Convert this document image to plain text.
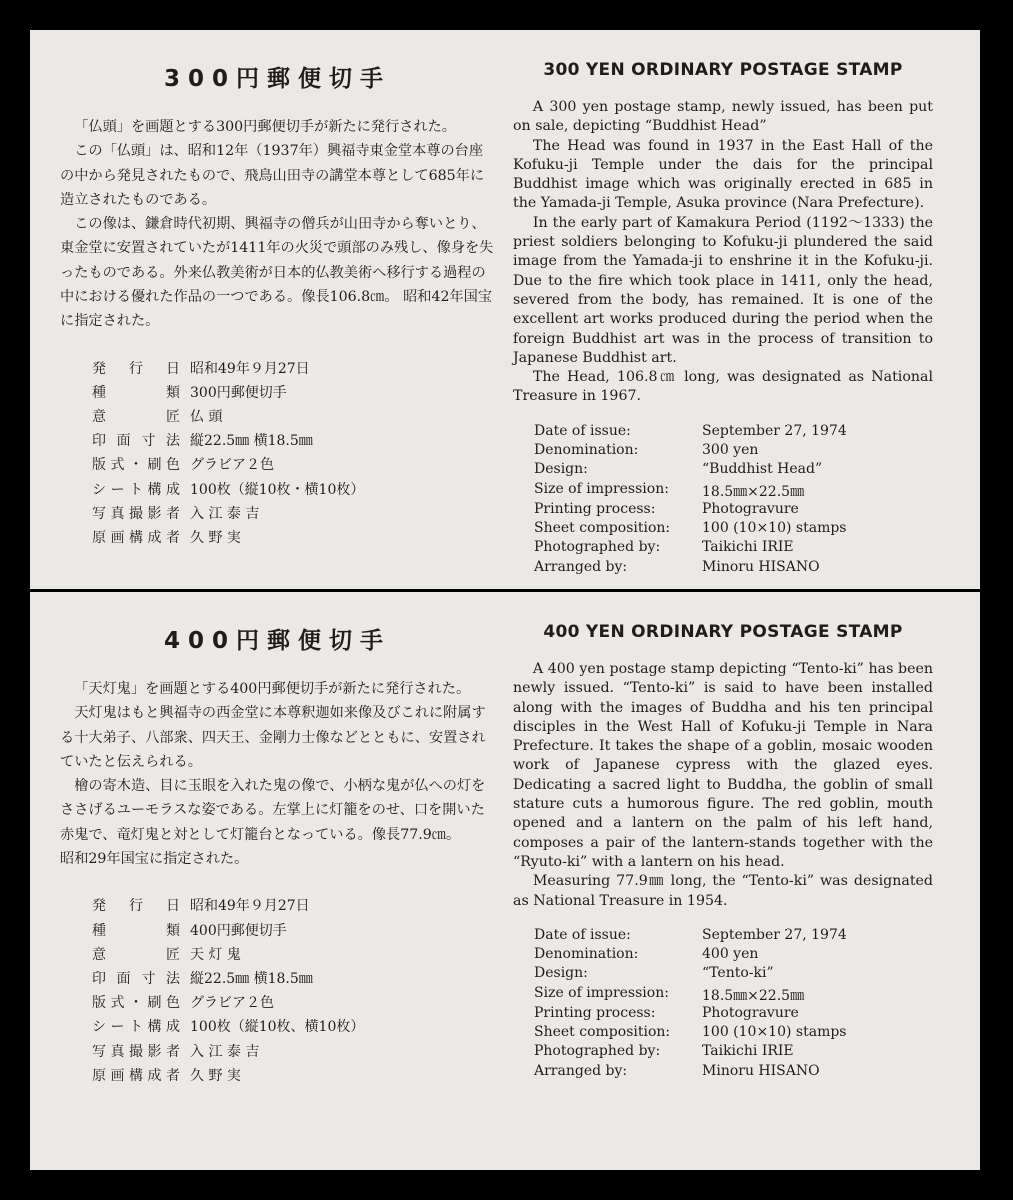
300円郵便切手

「仏頭」を画題とする300円郵便切手が新たに発行された。

この「仏頭」は、昭和12年（1937年）興福寺東金堂本尊の台座の中から発見されたもので、飛鳥山田寺の講堂本尊として685年に造立されたものである。

この像は、鎌倉時代初期、興福寺の僧兵が山田寺から奪いとり、東金堂に安置されていたが1411年の火災で頭部のみ残し、像身を失ったものである。外来仏教美術が日本的仏教美術へ移行する過程の中における優れた作品の一つである。像長106.8㎝。 昭和42年国宝に指定された。

発行日	昭和49年９月27日
種類	300円郵便切手
意匠	仏 頭
印面寸法	縦22.5㎜ 横18.5㎜
版式・刷色	グラビア２色
シート構成	100枚（縦10枚・横10枚）
写真撮影者	入 江 泰 吉
原画構成者	久 野 実
300 YEN ORDINARY POSTAGE STAMP

A 300 yen postage stamp, newly issued, has been put on sale, depicting “Buddhist Head”

The Head was found in 1937 in the East Hall of the Kofuku-ji Temple under the dais for the principal Buddhist image which was originally erected in 685 in the Yamada-ji Temple, Asuka province (Nara Prefecture).

In the early part of Kamakura Period (1192～1333) the priest soldiers belonging to Kofuku-ji plundered the said image from the Yamada-ji to enshrine it in the Kofuku-ji. Due to the fire which took place in 1411, only the head, severed from the body, has remained. It is one of the excellent art works produced during the period when the foreign Buddhist art was in the process of transition to Japanese Buddhist art.

The Head, 106.8㎝ long, was designated as National Treasure in 1967.

Date of issue:	September 27, 1974
Denomination:	300 yen
Design:	“Buddhist Head”
Size of impression:	18.5㎜×22.5㎜
Printing process:	Photogravure
Sheet composition:	100 (10×10) stamps
Photographed by:	Taikichi IRIE
Arranged by:	Minoru HISANO
400円郵便切手

「天灯鬼」を画題とする400円郵便切手が新たに発行された。

天灯鬼はもと興福寺の西金堂に本尊釈迦如来像及びこれに附属する十大弟子、八部衆、四天王、金剛力士像などとともに、安置されていたと伝えられる。

檜の寄木造、目に玉眼を入れた鬼の像で、小柄な鬼が仏への灯をささげるユーモラスな姿である。左掌上に灯籠をのせ、口を開いた赤鬼で、竜灯鬼と対として灯籠台となっている。像長77.9㎝。

昭和29年国宝に指定された。

発行日	昭和49年９月27日
種類	400円郵便切手
意匠	天 灯 鬼
印面寸法	縦22.5㎜ 横18.5㎜
版式・刷色	グラビア２色
シート構成	100枚（縦10枚、横10枚）
写真撮影者	入 江 泰 吉
原画構成者	久 野 実
400 YEN ORDINARY POSTAGE STAMP

A 400 yen postage stamp depicting “Tento-ki” has been newly issued. “Tento-ki” is said to have been installed along with the images of Buddha and his ten principal disciples in the West Hall of Kofuku-ji Temple in Nara Prefecture. It takes the shape of a goblin, mosaic wooden work of Japanese cypress with the glazed eyes. Dedicating a sacred light to Buddha, the goblin of small stature cuts a humorous figure. The red goblin, mouth opened and a lantern on the palm of his left hand, composes a pair of the lantern-stands together with the “Ryuto-ki” with a lantern on his head.

Measuring 77.9㎜ long, the “Tento-ki” was designated as National Treasure in 1954.

Date of issue:	September 27, 1974
Denomination:	400 yen
Design:	“Tento-ki”
Size of impression:	18.5㎜×22.5㎜
Printing process:	Photogravure
Sheet composition:	100 (10×10) stamps
Photographed by:	Taikichi IRIE
Arranged by:	Minoru HISANO
